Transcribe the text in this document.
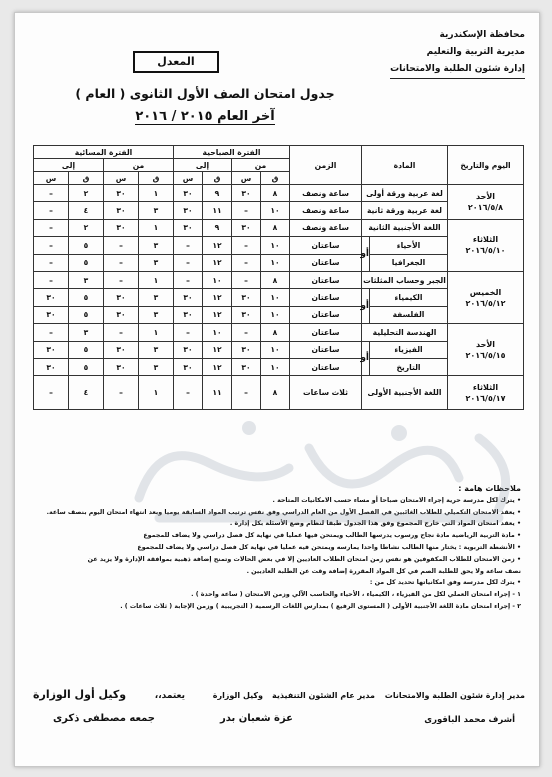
محافظة الإسكندرية
مديرية التربية والتعليم
إدارة شئون الطلبة والامتحانات
المعدل
جدول امتحان الصف الأول الثانوى ( العام )
آخر العام ٢٠١٥ / ٢٠١٦
اليوم والتاريخ	المادة		الزمن	الفترة الصباحية				الفترة المسائية			
				من		إلى		من		إلى	
				ق	س	ق	س	ق	س	ق	س

الأحد
٢٠١٦/٥/٨	لغة عربية ورقة أولى		ساعة ونصف	٨	٣٠	٩	٣٠	١	٣٠	٢	–
	لغة عربية ورقة ثانية		ساعة ونصف	١٠	–	١١	٣٠	٣	٣٠	٤	–

الثلاثاء
٢٠١٦/٥/١٠	اللغة الأجنبية الثانية		ساعة ونصف	٨	٣٠	٩	٣٠	١	٣٠	٢	–
	الأحياء	أو	ساعتان	١٠	–	١٢	–	٣	–	٥	–
	الجغرافيا		ساعتان	١٠	–	١٢	–	٣	–	٥	–

الخميس
٢٠١٦/٥/١٢	الجبر وحساب المثلثات		ساعتان	٨	–	١٠	–	١	–	٣	–
	الكيمياء	أو	ساعتان	١٠	٣٠	١٢	٣٠	٣	٣٠	٥	٣٠
	الفلسفة		ساعتان	١٠	٣٠	١٢	٣٠	٣	٣٠	٥	٣٠

الأحد
٢٠١٦/٥/١٥	الهندسة التحليلية		ساعتان	٨	–	١٠	–	١	–	٣	–
	الفيزياء	أو	ساعتان	١٠	٣٠	١٢	٣٠	٣	٣٠	٥	٣٠
	التاريخ		ساعتان	١٠	٣٠	١٢	٣٠	٣	٣٠	٥	٣٠

الثلاثاء
٢٠١٦/٥/١٧	اللغة الأجنبية الأولى		ثلاث ساعات	٨	–	١١	–	١	–	٤	–
ملاحظات هامة :
• يترك لكل مدرسة حرية إجراء الامتحان صباحا أو مساء حسب الامكانيات المتاحة .
• يعقد الامتحان التكميلي للطلاب الغائبين في الفصل الأول من العام الدراسي وفق نفس ترتيب المواد السابقة يوميا وبعد انتهاء امتحان اليوم بنصف ساعة.
• يعقد امتحان المواد التي خارج المجموع وفق هذا الجدول طبقا لنظام وضع الأسئلة بكل إدارة .
• مادة التربية الرياضية مادة نجاح ورسوب يدرسها الطالب ويمتحن فيها عمليا في نهاية كل فصل دراسي ولا يضاف للمجموع
• الأنشطة التربوية : يختار منها الطالب نشاطا واحدا يمارسه ويمتحن فيه عمليا في نهاية كل فصل دراسي ولا يضاف للمجموع
• زمن الامتحان للطلاب المكفوفين هو نفس زمن امتحان الطلاب العاديين إلا في بعض الحالات وتمنح إضافة ذهبية بموافقة الإدارة ولا يزيد عن
نصف ساعة ولا يحق للطلبة الصم في كل المواد المقررة إضافة وقت عن الطلبة العاديين .
• يترك لكل مدرسة وفق امكانياتها تحديد كل من :
١ - إجراء امتحان العملي لكل من الفيزياء ، الكيمياء ، الأحياء والحاسب الآلي وزمن الامتحان ( ساعة واحدة ) .
٢ - إجراء امتحان مادة اللغة الأجنبية الأولى ( المستوى الرفيع ) بمدارس اللغات الرسمية ( التجريبية ) وزمن الإجابة ( ثلاث ساعات ) .
مدير إدارة شئون الطلبة والامتحانات
مدير عام الشئون التنفيذية
وكيل الوزارة
يعتمد،،
وكيل أول الوزارة
أشرف محمد الباقورى
عزة شعبان بدر
جمعه مصطفى ذكرى
